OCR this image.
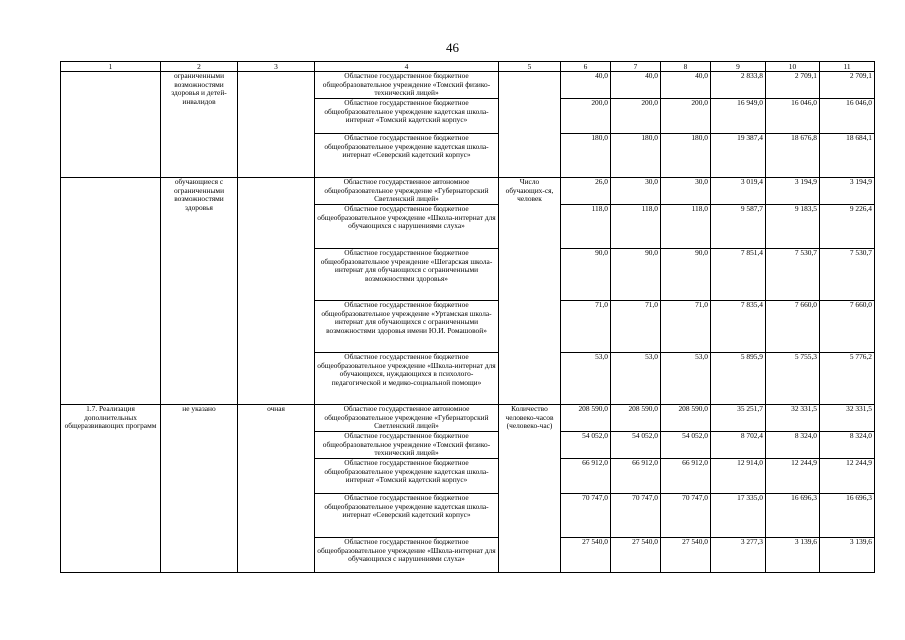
46
1	2	3	4	5	6	7	8	9	10	11
	ограниченными возможностями здоровья и детей-инвалидов		Областное государственное бюджетное общеобразовательное учреждение «Томский физико-технический лицей»		40,0	40,0	40,0	2 833,8	2 709,1	2 709,1
			Областное государственное бюджетное общеобразовательное учреждение кадетская школа-интернат «Томский кадетский корпус»		200,0	200,0	200,0	16 949,0	16 046,0	16 046,0
			Областное государственное бюджетное общеобразовательное учреждение кадетская школа-интернат «Северский кадетский корпус»		180,0	180,0	180,0	19 387,4	18 676,8	18 684,1
	обучающиеся с ограниченными возможностями здоровья		Областное государственное автономное общеобразовательное учреждение «Губернаторский Светленский лицей»	Число обучающих-ся, человек	26,0	30,0	30,0	3 019,4	3 194,9	3 194,9
			Областное государственное бюджетное общеобразовательное учреждение «Школа-интернат для обучающихся с нарушениями слуха»		118,0	118,0	118,0	9 587,7	9 183,5	9 226,4
			Областное государственное бюджетное общеобразовательное учреждение «Шегарская школа-интернат для обучающихся с ограниченными возможностями здоровья»		90,0	90,0	90,0	7 851,4	7 530,7	7 530,7
			Областное государственное бюджетное общеобразовательное учреждение «Уртамская школа-интернат для обучающихся с ограниченными возможностями здоровья имени Ю.И. Ромашовой»		71,0	71,0	71,0	7 835,4	7 660,0	7 660,0
			Областное государственное бюджетное общеобразовательное учреждение «Школа-интернат для обучающихся, нуждающихся в психолого-педагогической и медико-социальной помощи»		53,0	53,0	53,0	5 895,9	5 755,3	5 776,2
1.7. Реализация дополнительных общеразвивающих программ	не указано	очная	Областное государственное автономное общеобразовательное учреждение «Губернаторский Светленский лицей»	Количество человеко-часов (человеко-час)	208 590,0	208 590,0	208 590,0	35 251,7	32 331,5	32 331,5
			Областное государственное бюджетное общеобразовательное учреждение «Томский физико-технический лицей»		54 052,0	54 052,0	54 052,0	8 702,4	8 324,0	8 324,0
			Областное государственное бюджетное общеобразовательное учреждение кадетская школа-интернат «Томский кадетский корпус»		66 912,0	66 912,0	66 912,0	12 914,0	12 244,9	12 244,9
			Областное государственное бюджетное общеобразовательное учреждение кадетская школа-интернат «Северский кадетский корпус»		70 747,0	70 747,0	70 747,0	17 335,0	16 696,3	16 696,3
			Областное государственное бюджетное общеобразовательное учреждение «Школа-интернат для обучающихся с нарушениями слуха»		27 540,0	27 540,0	27 540,0	3 277,3	3 139,6	3 139,6
